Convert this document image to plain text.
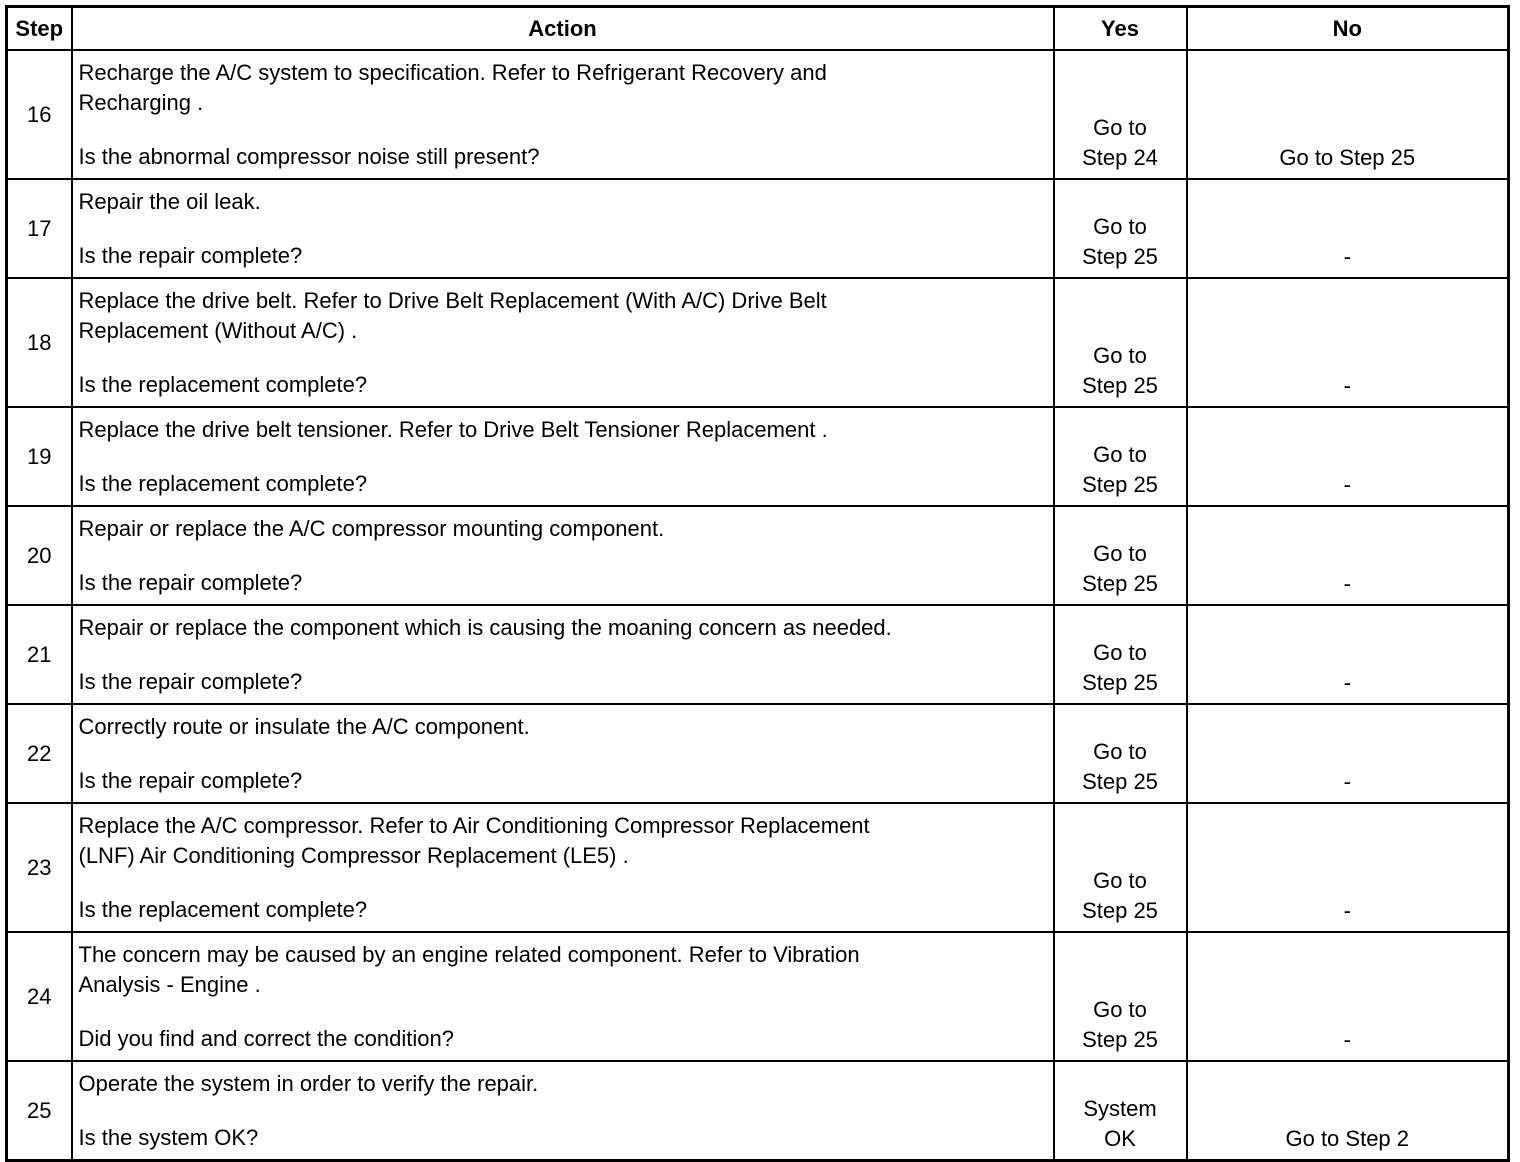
Step	Action	Yes	No
16	Recharge the A/C system to specification. Refer to Refrigerant Recovery and
Recharging .
Is the abnormal compressor noise still present?	Go to
Step 24	Go to Step 25
17	Repair the oil leak.
Is the repair complete?	Go to
Step 25	-
18	Replace the drive belt. Refer to Drive Belt Replacement (With A/C) Drive Belt
Replacement (Without A/C) .
Is the replacement complete?	Go to
Step 25	-
19	Replace the drive belt tensioner. Refer to Drive Belt Tensioner Replacement .
Is the replacement complete?	Go to
Step 25	-
20	Repair or replace the A/C compressor mounting component.
Is the repair complete?	Go to
Step 25	-
21	Repair or replace the component which is causing the moaning concern as needed.
Is the repair complete?	Go to
Step 25	-
22	Correctly route or insulate the A/C component.
Is the repair complete?	Go to
Step 25	-
23	Replace the A/C compressor. Refer to Air Conditioning Compressor Replacement
(LNF) Air Conditioning Compressor Replacement (LE5) .
Is the replacement complete?	Go to
Step 25	-
24	The concern may be caused by an engine related component. Refer to Vibration
Analysis - Engine .
Did you find and correct the condition?	Go to
Step 25	-
25	Operate the system in order to verify the repair.
Is the system OK?	System
OK	Go to Step 2
